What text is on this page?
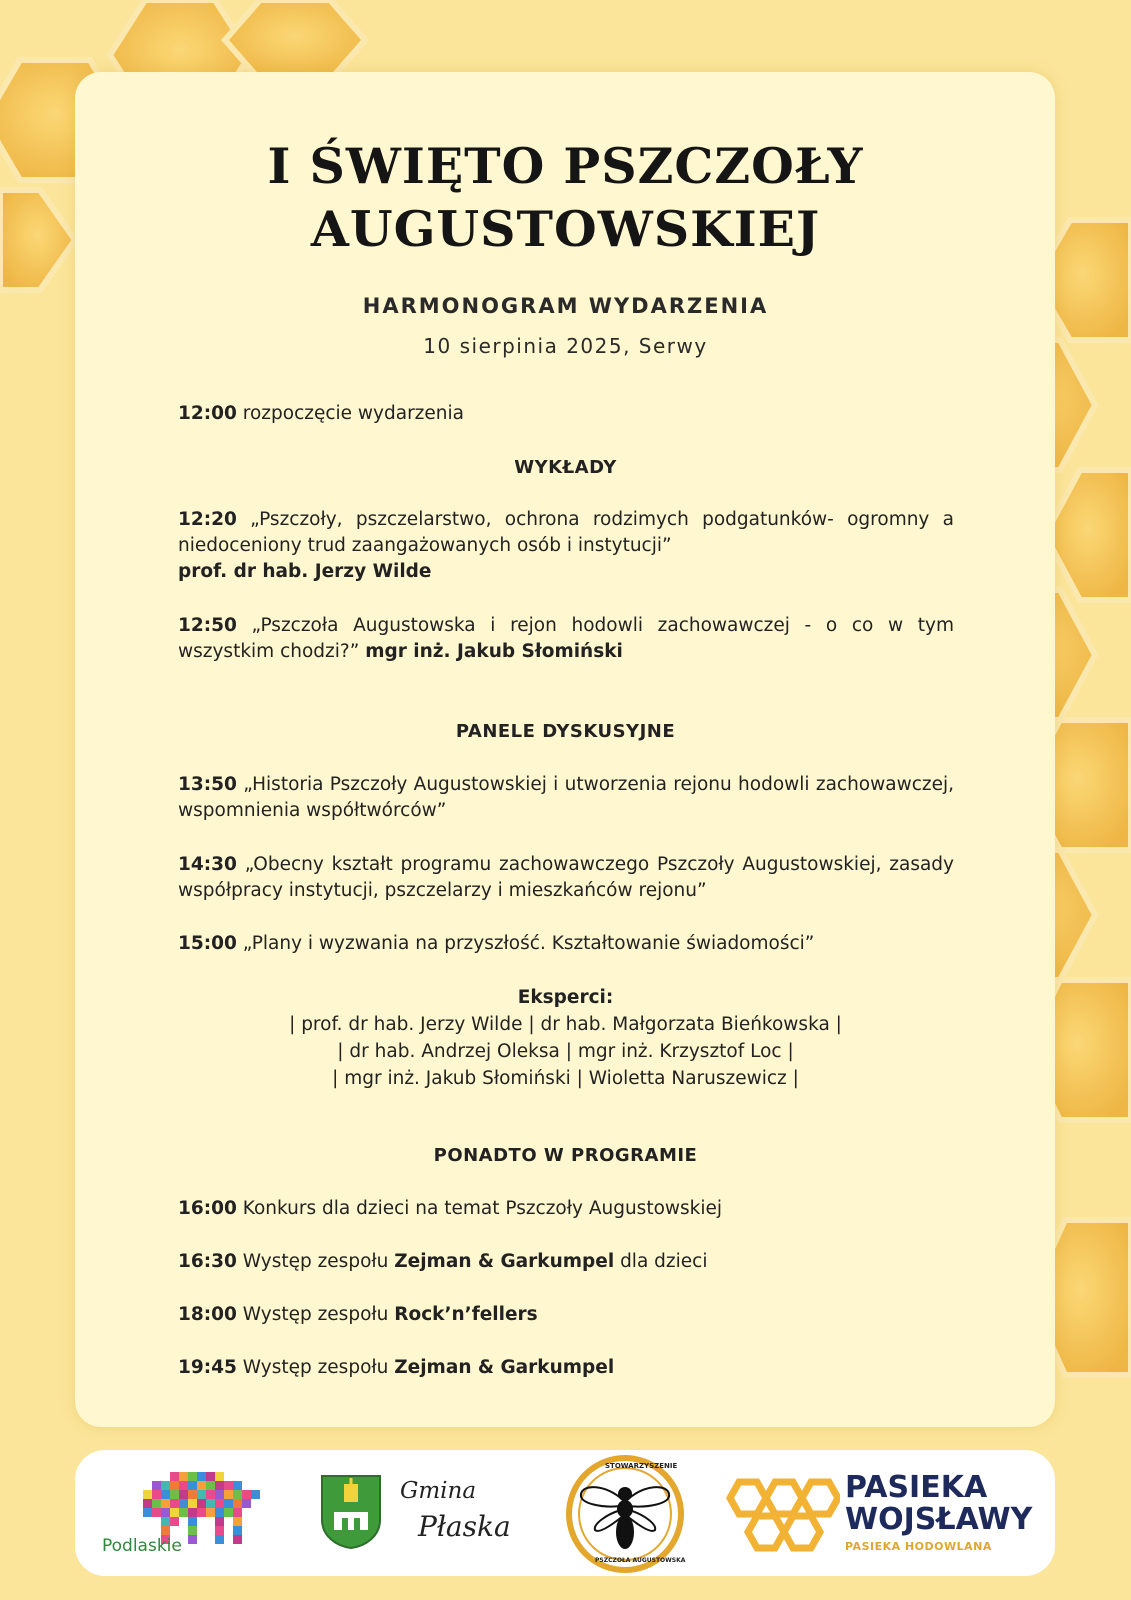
I ŚWIĘTO PSZCZOŁY
AUGUSTOWSKIEJ
HARMONOGRAM WYDARZENIA
10 sierpinia 2025, Serwy
12:00 rozpoczęcie wydarzenia
WYKŁADY
12:20 „Pszczoły, pszczelarstwo, ochrona rodzimych podgatunków- ogromny a niedoceniony trud zaangażowanych osób i instytucji”
prof. dr hab. Jerzy Wilde
12:50 „Pszczoła Augustowska i rejon hodowli zachowawczej - o co w tym wszystkim chodzi?” mgr inż. Jakub Słomiński
PANELE DYSKUSYJNE
13:50 „Historia Pszczoły Augustowskiej i utworzenia rejonu hodowli zachowawczej, wspomnienia współtwórców”
14:30 „Obecny kształt programu zachowawczego Pszczoły Augustowskiej, zasady współpracy instytucji, pszczelarzy i mieszkańców rejonu”
15:00 „Plany i wyzwania na przyszłość. Kształtowanie świadomości”
Eksperci:
| prof. dr hab. Jerzy Wilde | dr hab. Małgorzata Bieńkowska |
| dr hab. Andrzej Oleksa | mgr inż. Krzysztof Loc |
| mgr inż. Jakub Słomiński | Wioletta Naruszewicz |
PONADTO W PROGRAMIE
16:00 Konkurs dla dzieci na temat Pszczoły Augustowskiej
16:30 Występ zespołu Zejman & Garkumpel dla dzieci
18:00 Występ zespołu Rock’n’fellers
19:45 Występ zespołu Zejman & Garkumpel
Podlaskie
Gmina
Płaska
STOWARZYSZENIE
PSZCZOŁA AUGUSTOWSKA
PASIEKA
WOJSŁAWY
PASIEKA HODOWLANA
